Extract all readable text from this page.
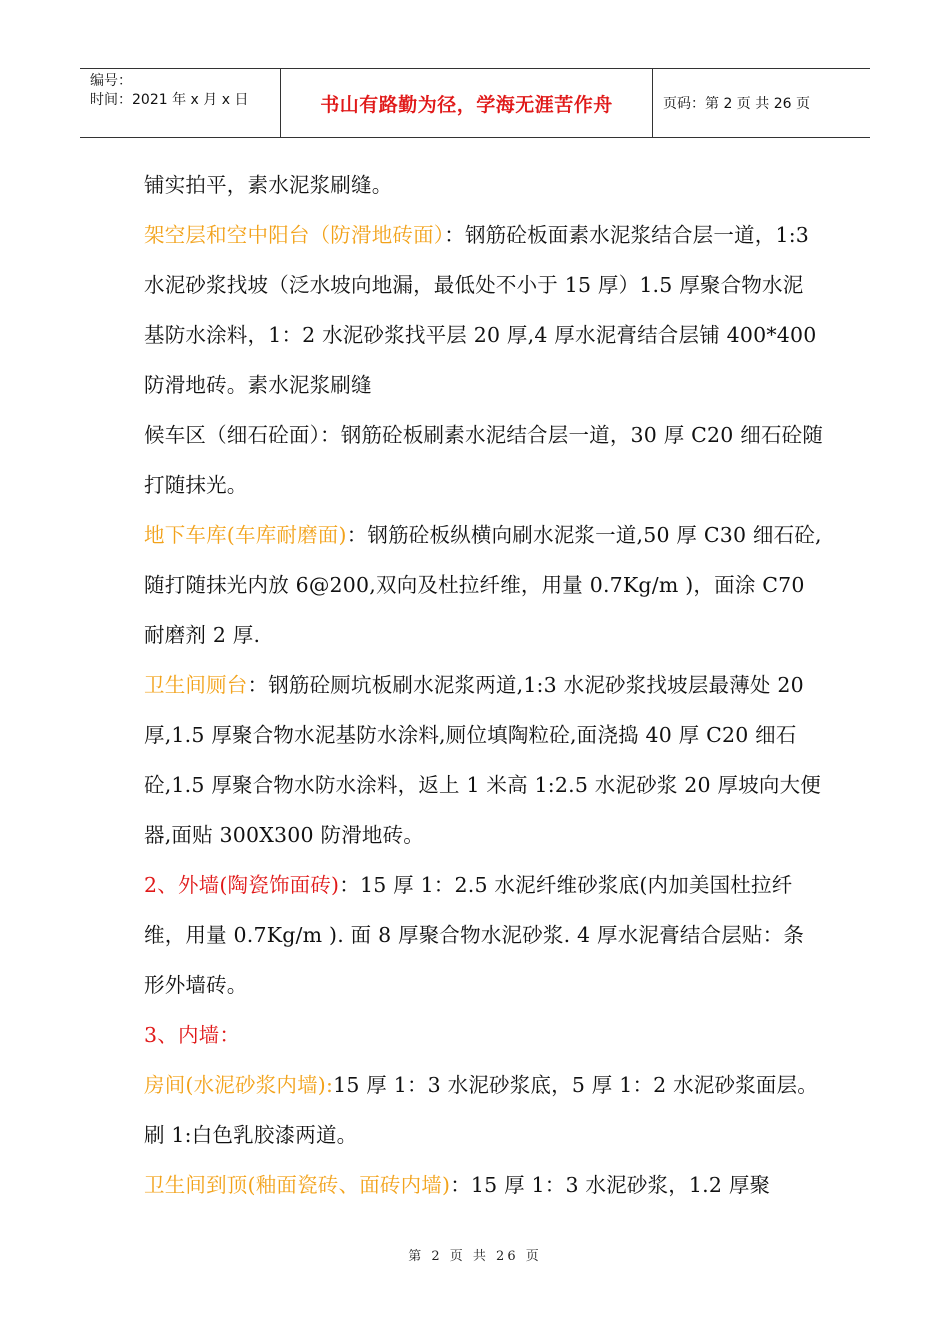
编号：
时间：2021 年 x 月 x 日	书山有路勤为径，学海无涯苦作舟	页码：第 2 页 共 26 页

铺实拍平，素水泥浆刷缝。

架空层和空中阳台（防滑地砖面）：钢筋砼板面素水泥浆结合层一道，1:3 水泥砂浆找坡（泛水坡向地漏，最低处不小于 15 厚）1.5 厚聚合物水泥基防水涂料，1：2 水泥砂浆找平层 20 厚,4 厚水泥膏结合层铺 400*400 防滑地砖。素水泥浆刷缝

候车区（细石砼面）：钢筋砼板刷素水泥结合层一道，30 厚 C20 细石砼随打随抹光。

地下车库(车库耐磨面)：钢筋砼板纵横向刷水泥浆一道,50 厚 C30 细石砼,随打随抹光内放 6@200,双向及杜拉纤维，用量 0.7Kg/m )，面涂 C70 耐磨剂 2 厚.

卫生间厕台：钢筋砼厕坑板刷水泥浆两道,1:3 水泥砂浆找坡层最薄处 20 厚,1.5 厚聚合物水泥基防水涂料,厕位填陶粒砼,面浇捣 40 厚 C20 细石砼,1.5 厚聚合物水防水涂料，返上 1 米高 1:2.5 水泥砂浆 20 厚坡向大便器,面贴 300X300 防滑地砖。

2、外墙(陶瓷饰面砖)：15 厚 1：2.5 水泥纤维砂浆底(内加美国杜拉纤维，用量 0.7Kg/m ). 面 8 厚聚合物水泥砂浆. 4 厚水泥膏结合层贴：条形外墙砖。

3、内墙：

房间(水泥砂浆内墙):15 厚 1：3 水泥砂浆底，5 厚 1：2 水泥砂浆面层。刷 1:白色乳胶漆两道。

卫生间到顶(釉面瓷砖、面砖内墙)：15 厚 1：3 水泥砂浆，1.2 厚聚

第 2 页 共 26 页
